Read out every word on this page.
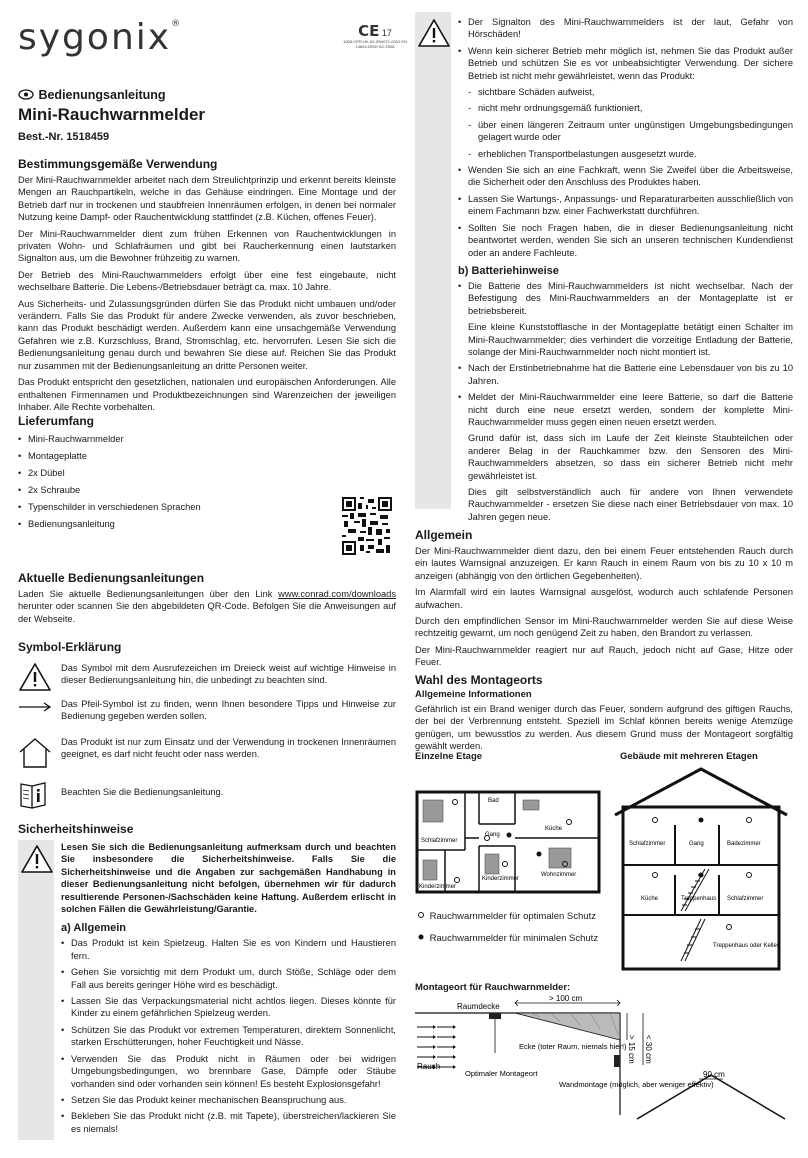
sygonix®	CE 17
1008-CPR-HK-69-ZN0071-0001 EN 14604:2005+AC:2008
Bedienungsanleitung
Mini-Rauchwarnmelder
Best.-Nr. 1518459
Bestimmungsgemäße Verwendung

Der Mini-Rauchwarnmelder arbeitet nach dem Streulichtprinzip und erkennt bereits kleinste Mengen an Rauchpartikeln, welche in das Gehäuse eindringen. Eine Montage und der Betrieb darf nur in trockenen und staubfreien Innenräumen erfolgen, in denen bei normaler Nutzung keine Dampf- oder Rauchentwicklung stattfindet (z.B. Küchen, offenes Feuer).

Der Mini-Rauchwarnmelder dient zum frühen Erkennen von Rauchentwicklungen in privaten Wohn- und Schlafräumen und gibt bei Raucherkennung einen lautstarken Signalton aus, um die Bewohner frühzeitig zu warnen.

Der Betrieb des Mini-Rauchwarnmelders erfolgt über eine fest eingebaute, nicht wechselbare Batterie. Die Lebens-/Betriebsdauer beträgt ca. max. 10 Jahre.

Aus Sicherheits- und Zulassungsgründen dürfen Sie das Produkt nicht umbauen und/oder verändern. Falls Sie das Produkt für andere Zwecke verwenden, als zuvor beschrieben, kann das Produkt beschädigt werden. Außerdem kann eine unsachgemäße Verwendung Gefahren wie z.B. Kurzschluss, Brand, Stromschlag, etc. hervorrufen. Lesen Sie sich die Bedienungsanleitung genau durch und bewahren Sie diese auf. Reichen Sie das Produkt nur zusammen mit der Bedienungsanleitung an dritte Personen weiter.

Das Produkt entspricht den gesetzlichen, nationalen und europäischen Anforderungen. Alle enthaltenen Firmennamen und Produktbezeichnungen sind Warenzeichen der jeweiligen Inhaber. Alle Rechte vorbehalten.

Lieferumfang
• Mini-Rauchwarnmelder
• Montageplatte
• 2x Dübel
• 2x Schraube
• Typenschilder in verschiedenen Sprachen
• Bedienungsanleitung
Aktuelle Bedienungsanleitungen

Laden Sie aktuelle Bedienungsanleitungen über den Link www.conrad.com/downloads herunter oder scannen Sie den abgebildeten QR-Code. Befolgen Sie die Anweisungen auf der Webseite.

Symbol-Erklärung

Das Symbol mit dem Ausrufezeichen im Dreieck weist auf wichtige Hinweise in dieser Bedienungsanleitung hin, die unbedingt zu beachten sind.

Das Pfeil-Symbol ist zu finden, wenn Ihnen besondere Tipps und Hinweise zur Bedienung gegeben werden sollen.

Das Produkt ist nur zum Einsatz und der Verwendung in trockenen Innenräumen geeignet, es darf nicht feucht oder nass werden.

Beachten Sie die Bedienungsanleitung.

Sicherheitshinweise

Lesen Sie sich die Bedienungsanleitung aufmerksam durch und beachten Sie insbesondere die Sicherheitshinweise. Falls Sie die Sicherheitshinweise und die Angaben zur sachgemäßen Handhabung in dieser Bedienungsanleitung nicht befolgen, übernehmen wir für dadurch resultierende Personen-/Sachschäden keine Haftung. Außerdem erlischt in solchen Fällen die Gewährleistung/Garantie.

a) Allgemein
• Das Produkt ist kein Spielzeug. Halten Sie es von Kindern und Haustieren fern.
• Gehen Sie vorsichtig mit dem Produkt um, durch Stöße, Schläge oder dem Fall aus bereits geringer Höhe wird es beschädigt.
• Lassen Sie das Verpackungsmaterial nicht achtlos liegen. Dieses könnte für Kinder zu einem gefährlichen Spielzeug werden.
• Schützen Sie das Produkt vor extremen Temperaturen, direktem Sonnenlicht, starken Erschütterungen, hoher Feuchtigkeit und Nässe.
• Verwenden Sie das Produkt nicht in Räumen oder bei widrigen Umgebungsbedingungen, wo brennbare Gase, Dämpfe oder Stäube vorhanden sind oder vorhanden sein können! Es besteht Explosionsgefahr!
• Setzen Sie das Produkt keiner mechanischen Beanspruchung aus.
• Bekleben Sie das Produkt nicht (z.B. mit Tapete), überstreichen/lackieren Sie es niemals!
• Der Signalton des Mini-Rauchwarnmelders ist der laut, Gefahr von Hörschäden!
• Wenn kein sicherer Betrieb mehr möglich ist, nehmen Sie das Produkt außer Betrieb und schützen Sie es vor unbeabsichtigter Verwendung. Der sichere Betrieb ist nicht mehr gewährleistet, wenn das Produkt:
- sichtbare Schäden aufweist,
- nicht mehr ordnungsgemäß funktioniert,
- über einen längeren Zeitraum unter ungünstigen Umgebungsbedingungen gelagert wurde oder
- erheblichen Transportbelastungen ausgesetzt wurde.
• Wenden Sie sich an eine Fachkraft, wenn Sie Zweifel über die Arbeitsweise, die Sicherheit oder den Anschluss des Produktes haben.
• Lassen Sie Wartungs-, Anpassungs- und Reparaturarbeiten ausschließlich von einem Fachmann bzw. einer Fachwerkstatt durchführen.
• Sollten Sie noch Fragen haben, die in dieser Bedienungsanleitung nicht beantwortet werden, wenden Sie sich an unseren technischen Kundendienst oder an andere Fachleute.
b) Batteriehinweise
• Die Batterie des Mini-Rauchwarnmelders ist nicht wechselbar. Nach der Befestigung des Mini-Rauchwarnmelders an der Montageplatte ist er betriebsbereit.

Eine kleine Kunststofflasche in der Montageplatte betätigt einen Schalter im Mini-Rauchwarnmelder; dies verhindert die vorzeitige Entladung der Batterie, solange der Mini-Rauchwarnmelder noch nicht montiert ist.

• Nach der Erstinbetriebnahme hat die Batterie eine Lebensdauer von bis zu 10 Jahren.
• Meldet der Mini-Rauchwarnmelder eine leere Batterie, so darf die Batterie nicht durch eine neue ersetzt werden, sondern der komplette Mini-Rauchwarnmelder muss gegen einen neuen ersetzt werden.

Grund dafür ist, dass sich im Laufe der Zeit kleinste Staubteilchen oder anderer Belag in der Rauchkammer bzw. den Sensoren des Mini-Rauchwarnmelders absetzen, so dass ein sicherer Betrieb nicht mehr gewährleistet ist.

Dies gilt selbstverständlich auch für andere von Ihnen verwendete Rauchwarnmelder - ersetzen Sie diese nach einer Betriebsdauer von max. 10 Jahren gegen neue.

Allgemein

Der Mini-Rauchwarnmelder dient dazu, den bei einem Feuer entstehenden Rauch durch ein lautes Warnsignal anzuzeigen. Er kann Rauch in einem Raum von bis zu 10 x 10 m anzeigen (abhängig von den örtlichen Gegebenheiten).

Im Alarmfall wird ein lautes Warnsignal ausgelöst, wodurch auch schlafende Personen aufwachen.

Durch den empfindlichen Sensor im Mini-Rauchwarnmelder werden Sie auf diese Weise rechtzeitig gewarnt, um noch genügend Zeit zu haben, den Brandort zu verlassen.

Der Mini-Rauchwarnmelder reagiert nur auf Rauch, jedoch nicht auf Gase, Hitze oder Feuer.

Wahl des Montageorts
Allgemeine Informationen

Gefährlich ist ein Brand weniger durch das Feuer, sondern aufgrund des giftigen Rauchs, der bei der Verbrennung entsteht. Speziell im Schlaf können bereits wenige Atemzüge genügen, um bewusstlos zu werden. Aus diesem Grund muss der Montageort sorgfältig gewählt werden.

Einzelne Etage	Gebäude mit mehreren Etagen
Bad
Küche
Gang
Schlafzimmer
Kinderzimmer
Kinderzimmer
Wohnzimmer
Rauchwarnmelder für optimalen Schutz
Rauchwarnmelder für minimalen Schutz
Schlafzimmer	Gang	Badezimmer
Küche	Treppenhaus Schlafzimmer
Treppenhaus oder Keller
Montageort für Rauchwarnmelder:
Raumdecke
> 100 cm
> 15 cm < 30 cm
Ecke (toter Raum, niemals hier!)
Rauch
Optimaler Montageort
Wandmontage (möglich, aber weniger effektiv)
90 cm
